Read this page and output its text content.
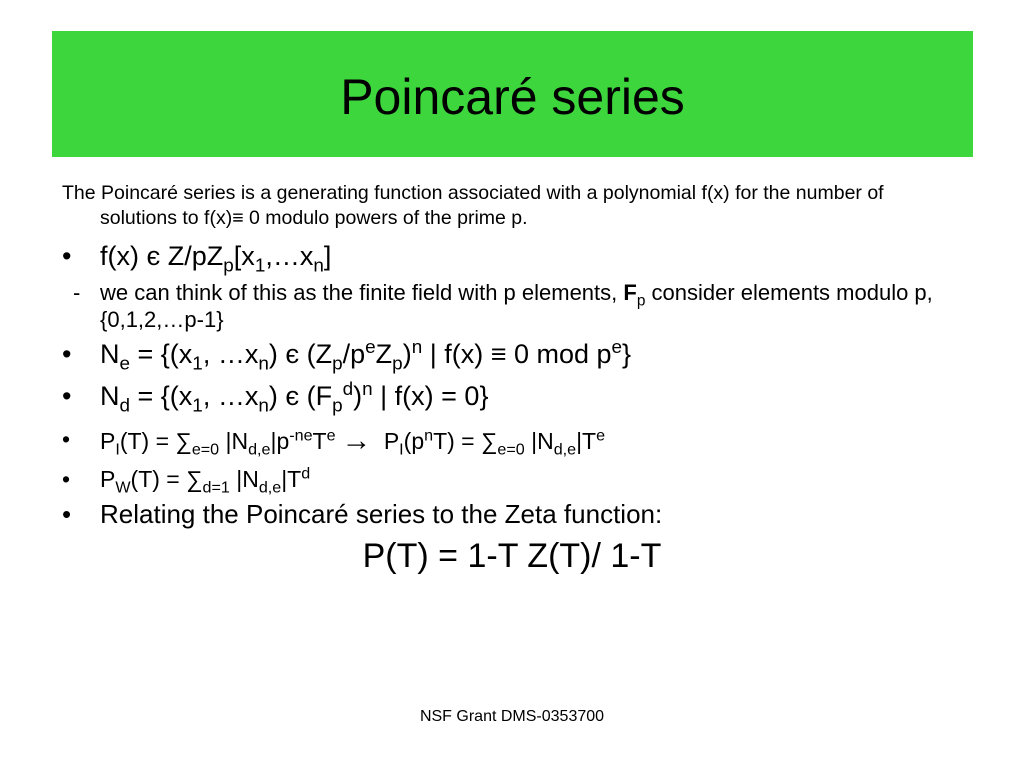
Poincaré series

The Poincaré series is a generating function associated with a polynomial f(x) for the number of solutions to f(x)≡ 0 modulo powers of the prime p.

• f(x) є $Z/pZ_p[x_1,\dots x_n]$
- we can think of this as the finite field with p elements, $F_p$ consider elements modulo p, {0,1,2,…p-1}
• $N_e = \{(x_1$, $\dots x_n$) є $(Z_p/p^eZ_p)^n$ | f(x) ≡ 0 mod $p^e$}
• $N_d = \{(x_1$, $\dots x_n$) є $(F_p^d)^n$ | f(x) = 0}
• $P_I(T) = \sum_{e=0}$ $|N_{d,e}|p^{-ne}T^e \to P_I(p^nT) = \sum_{e=0}$ $|N_{d,e}|T^e$
• $P_W(T) = \sum_{d=1}$ $|N_{d,e}|T^d$
• Relating the Poincaré series to the Zeta function:
P(T) = 1-T Z(T)/ 1-T
NSF Grant DMS-0353700
